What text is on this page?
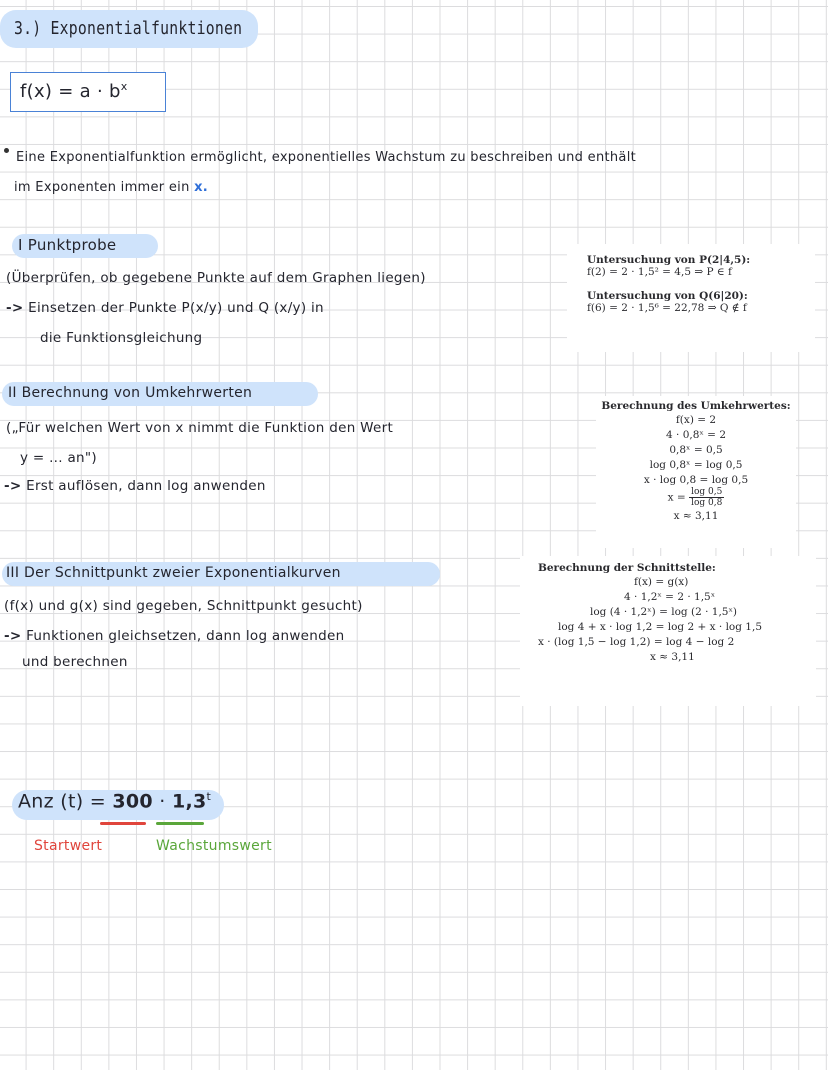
3.) Exponentialfunktionen
$f(x) = a \cdot b^x$
Eine Exponentialfunktion ermöglicht, exponentielles Wachstum zu beschreiben und enthält
im Exponenten immer ein x.
I Punktprobe
(Überprüfen, ob gegebene Punkte auf dem Graphen liegen)
-> Einsetzen der Punkte P(x/y) und Q (x/y) in
die Funktionsgleichung
Untersuchung von P(2|4,5):
f(2) = 2 · 1,5² = 4,5 ⇒ P ∈ f
Untersuchung von Q(6|20):
f(6) = 2 · 1,5⁶ = 22,78 ⇒ Q ∉ f
II Berechnung von Umkehrwerten
(„Für welchen Wert von x nimmt die Funktion den Wert
y = ... an")
-> Erst auflösen, dann log anwenden
Berechnung des Umkehrwertes:
f(x) = 2
4 · 0,8ˣ = 2
0,8ˣ = 0,5
log 0,8ˣ = log 0,5
x · log 0,8 = log 0,5
$x = \frac{\log 0,5}{\log 0,8}$
x ≈ 3,11
III Der Schnittpunkt zweier Exponentialkurven
(f(x) und g(x) sind gegeben, Schnittpunkt gesucht)
-> Funktionen gleichsetzen, dann log anwenden
und berechnen
Berechnung der Schnittstelle:
f(x) = g(x)
4 · 1,2ˣ = 2 · 1,5ˣ
log (4 · 1,2ˣ) = log (2 · 1,5ˣ)
log 4 + x · log 1,2 = log 2 + x · log 1,5
x · (log 1,5 − log 1,2) = log 4 − log 2
x ≈ 3,11
Anz $(t) = 300 \cdot 1,3^t$
Startwert	Wachstumswert
